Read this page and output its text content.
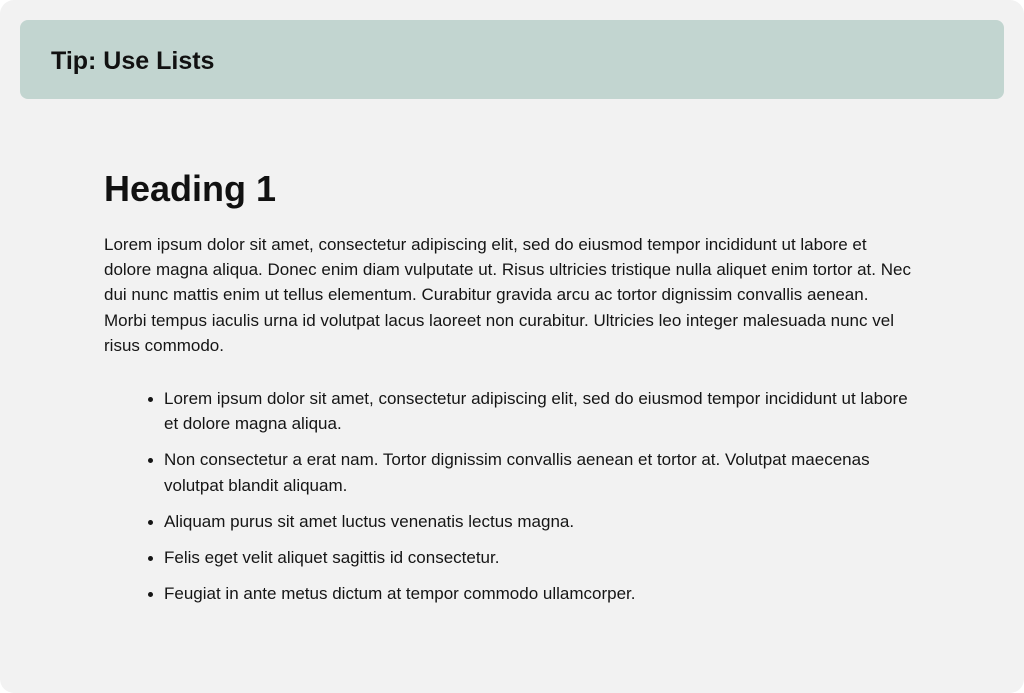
Tip: Use Lists
Heading 1

Lorem ipsum dolor sit amet, consectetur adipiscing elit, sed do eiusmod tempor incididunt ut labore et dolore magna aliqua. Donec enim diam vulputate ut. Risus ultricies tristique nulla aliquet enim tortor at. Nec dui nunc mattis enim ut tellus elementum. Curabitur gravida arcu ac tortor dignissim convallis aenean. Morbi tempus iaculis urna id volutpat lacus laoreet non curabitur. Ultricies leo integer malesuada nunc vel risus commodo.

Lorem ipsum dolor sit amet, consectetur adipiscing elit, sed do eiusmod tempor incididunt ut labore et dolore magna aliqua.
Non consectetur a erat nam. Tortor dignissim convallis aenean et tortor at. Volutpat maecenas volutpat blandit aliquam.
Aliquam purus sit amet luctus venenatis lectus magna.
Felis eget velit aliquet sagittis id consectetur.
Feugiat in ante metus dictum at tempor commodo ullamcorper.
